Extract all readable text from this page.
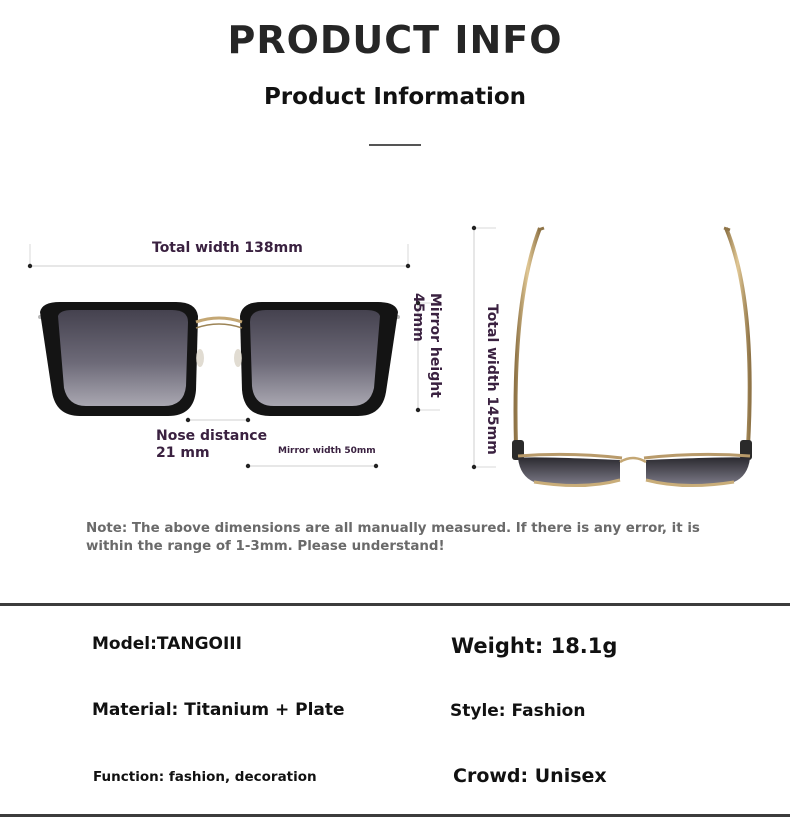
PRODUCT INFO
Product Information
Total width 138mm
Nose distance 21 mm	Mirror width 50mm
Mirror height 45mm	Total width 145mm
Note: The above dimensions are all manually measured. If there is any error, it is within the range of 1-3mm. Please understand!
Model:TANGOIII	Weight: 18.1g
Material: Titanium + Plate	Style: Fashion
Function: fashion, decoration	Crowd: Unisex
